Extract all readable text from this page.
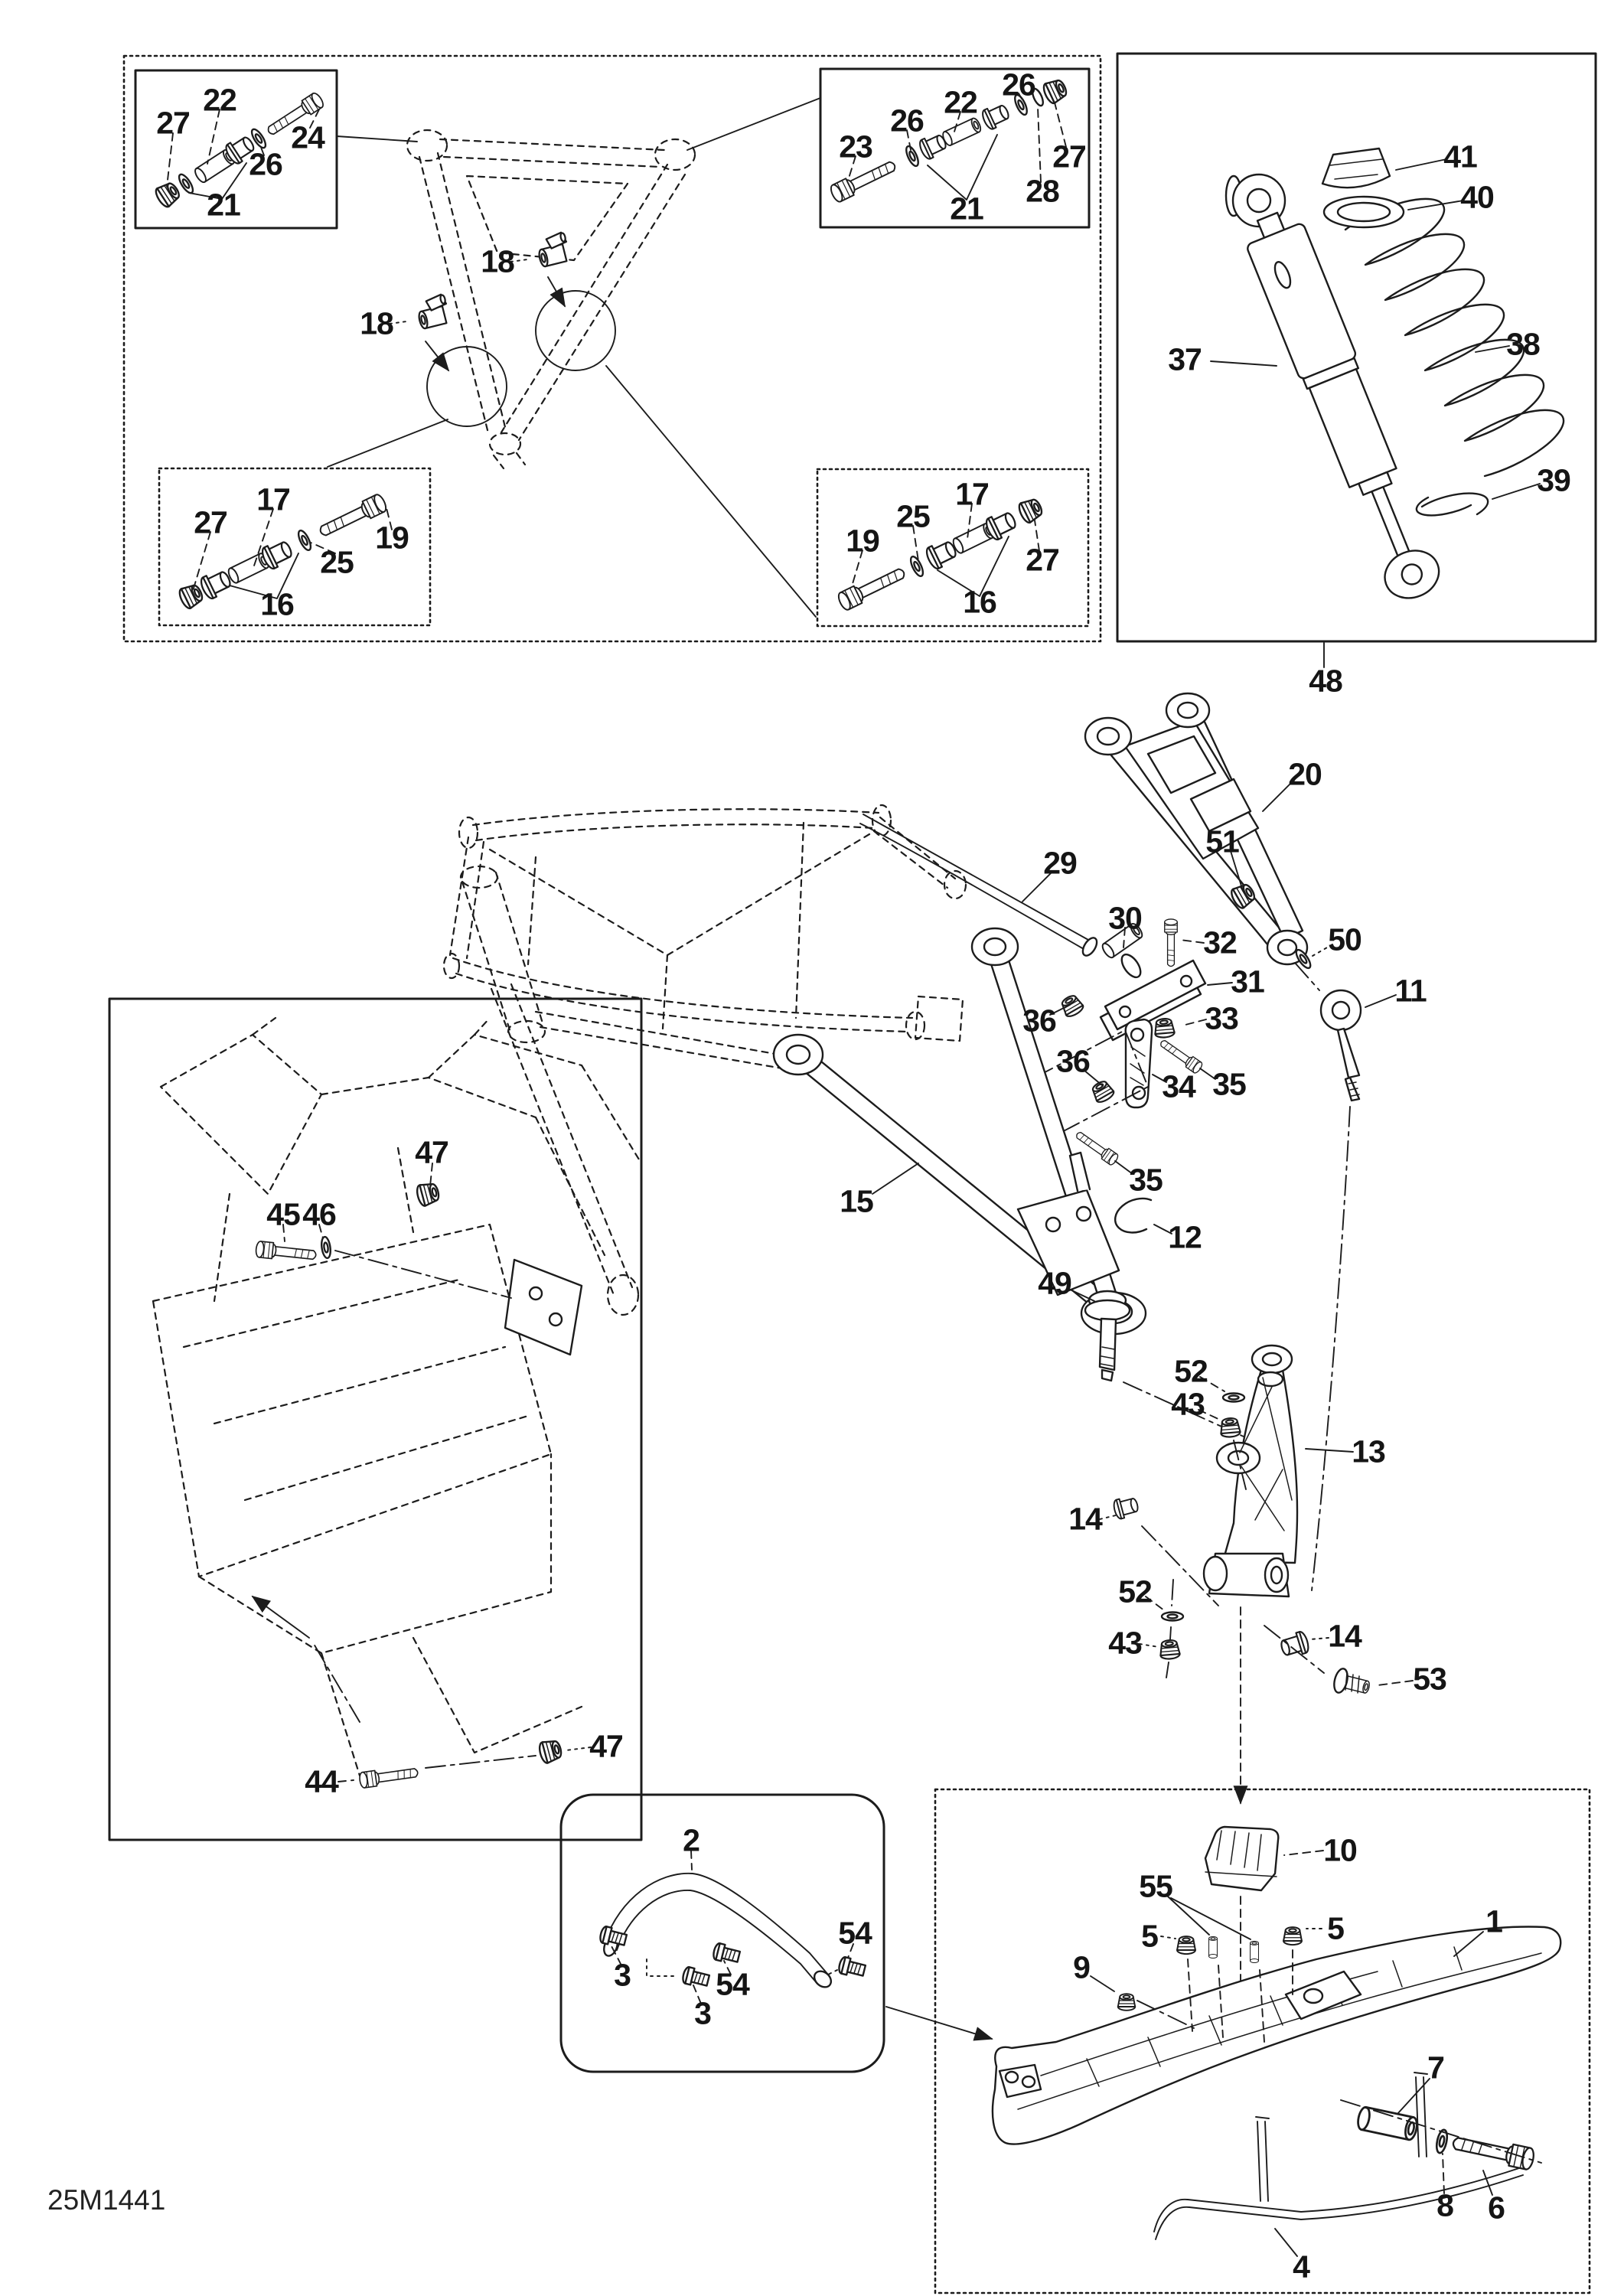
27
22
26
24
21
23
26
22 26
27
28
21
18
18
27
17
25
19
16
19
25
17
27
16
37	38
39
40
41
48
20
51
29
50
11
30
32
31
33
36
36
34 35
35
15
12
49
13
52
43
14
52
43	14
53
47
45 46
44
47
2
3	54
3
54
10
55
5	5
9
1
7
8 6
4
25M1441
